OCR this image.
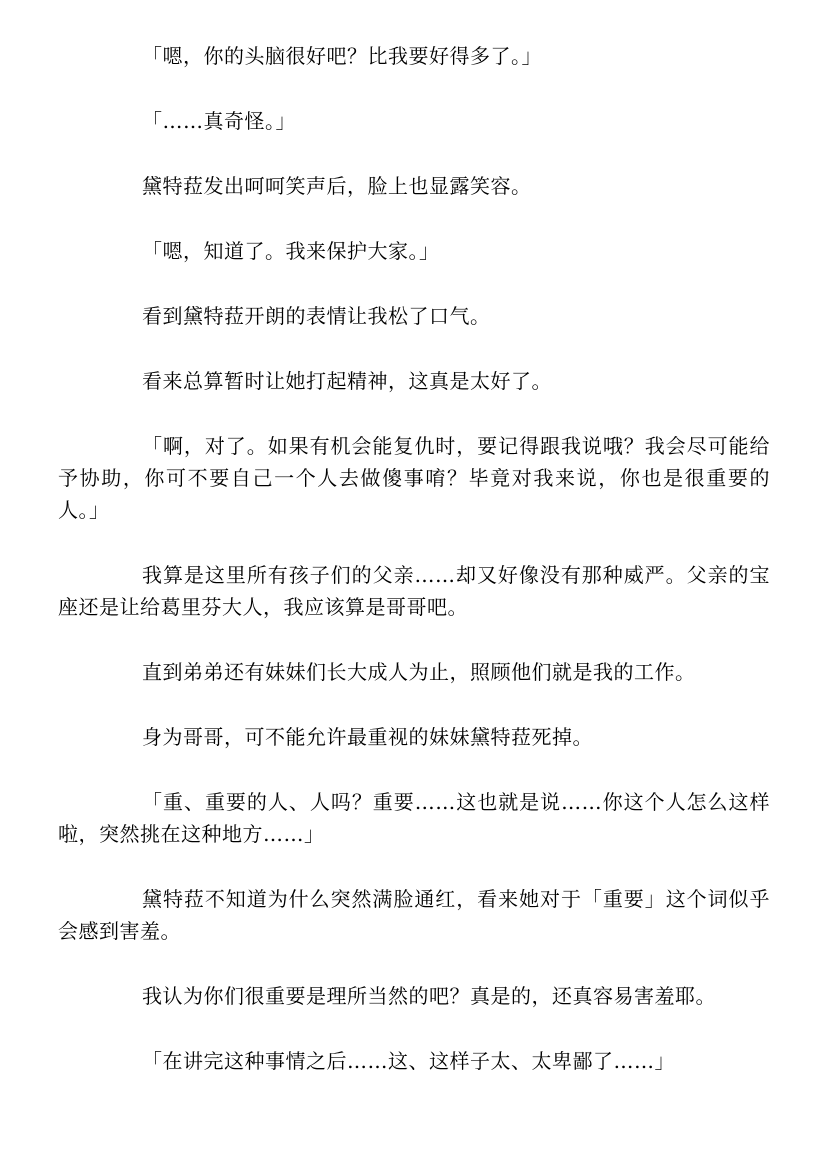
「嗯，你的头脑很好吧？比我要好得多了。」

「……真奇怪。」

黛特菈发出呵呵笑声后，脸上也显露笑容。

「嗯，知道了。我来保护大家。」

看到黛特菈开朗的表情让我松了口气。

看来总算暂时让她打起精神，这真是太好了。

「啊，对了。如果有机会能复仇时，要记得跟我说哦？我会尽可能给予协助，你可不要自己一个人去做傻事唷？毕竟对我来说，你也是很重要的人。」

我算是这里所有孩子们的父亲……却又好像没有那种威严。父亲的宝座还是让给葛里芬大人，我应该算是哥哥吧。

直到弟弟还有妹妹们长大成人为止，照顾他们就是我的工作。

身为哥哥，可不能允许最重视的妹妹黛特菈死掉。

「重、重要的人、人吗？重要……这也就是说……你这个人怎么这样啦，突然挑在这种地方……」

黛特菈不知道为什么突然满脸通红，看来她对于「重要」这个词似乎会感到害羞。

我认为你们很重要是理所当然的吧？真是的，还真容易害羞耶。

「在讲完这种事情之后……这、这样子太、太卑鄙了……」
